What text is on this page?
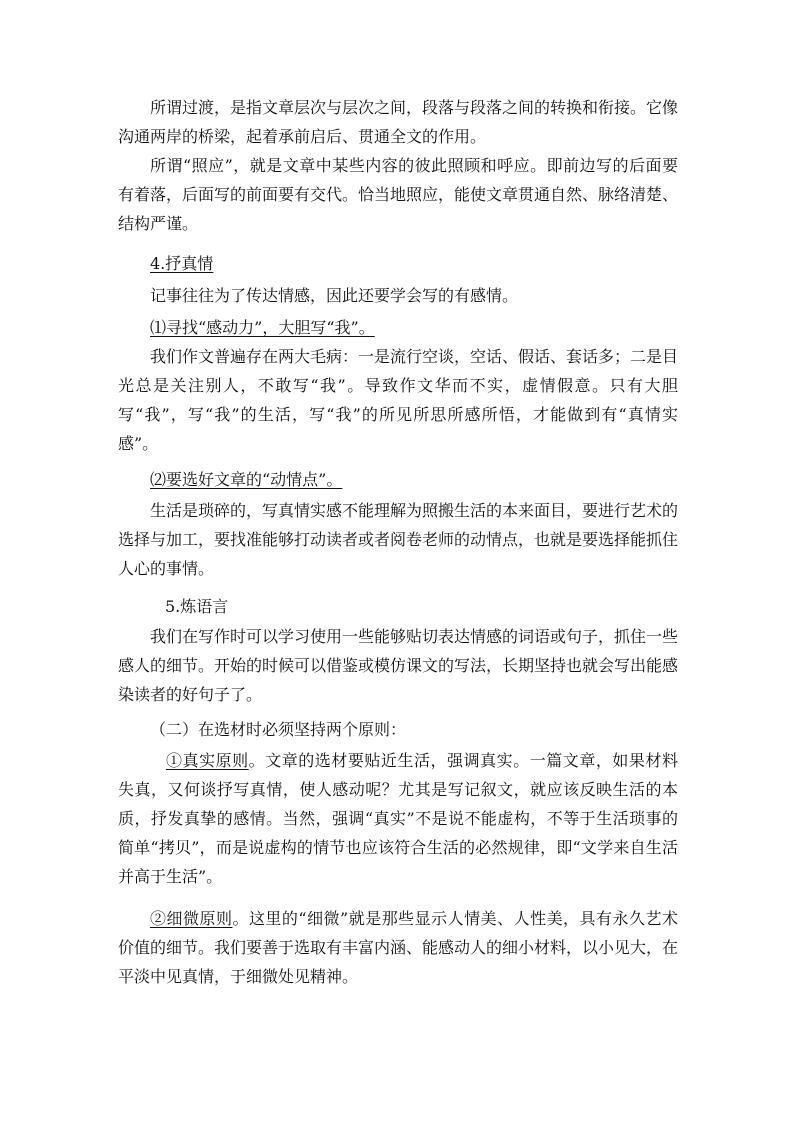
所谓过渡，是指文章层次与层次之间，段落与段落之间的转换和衔接。它像沟通两岸的桥梁，起着承前启后、贯通全文的作用。

所谓“照应”，就是文章中某些内容的彼此照顾和呼应。即前边写的后面要有着落，后面写的前面要有交代。恰当地照应，能使文章贯通自然、脉络清楚、结构严谨。

4.抒真情

记事往往为了传达情感，因此还要学会写的有感情。

⑴寻找“感动力”，大胆写“我”。

我们作文普遍存在两大毛病：一是流行空谈，空话、假话、套话多；二是目光总是关注别人，不敢写“我”。导致作文华而不实，虚情假意。只有大胆写“我”，写“我”的生活，写“我”的所见所思所感所悟，才能做到有“真情实感”。

⑵要选好文章的“动情点”。

生活是琐碎的，写真情实感不能理解为照搬生活的本来面目，要进行艺术的选择与加工，要找准能够打动读者或者阅卷老师的动情点，也就是要选择能抓住人心的事情。

5.炼语言

我们在写作时可以学习使用一些能够贴切表达情感的词语或句子，抓住一些感人的细节。开始的时候可以借鉴或模仿课文的写法，长期坚持也就会写出能感染读者的好句子了。

（二）在选材时必须坚持两个原则：

①真实原则。文章的选材要贴近生活，强调真实。一篇文章，如果材料失真，又何谈抒写真情，使人感动呢？尤其是写记叙文，就应该反映生活的本质，抒发真挚的感情。当然，强调“真实”不是说不能虚构，不等于生活琐事的简单“拷贝”，而是说虚构的情节也应该符合生活的必然规律，即“文学来自生活并高于生活”。

②细微原则。这里的“细微”就是那些显示人情美、人性美，具有永久艺术价值的细节。我们要善于选取有丰富内涵、能感动人的细小材料，以小见大，在平淡中见真情，于细微处见精神。
